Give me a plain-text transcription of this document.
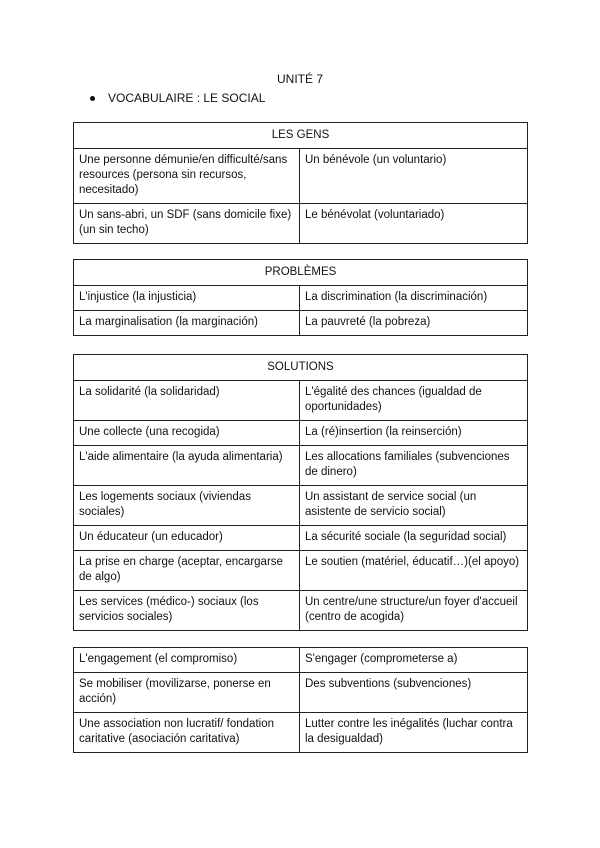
UNITÉ 7
VOCABULAIRE : LE SOCIAL
LES GENS	
Une personne démunie/en difficulté/sans resources (persona sin recursos, necesitado)	Un bénévole (un voluntario)
Un sans-abri, un SDF (sans domicile fixe) (un sin techo)	Le bénévolat (voluntariado)
PROBLÈMES	
L'injustice (la injusticia)	La discrimination (la discriminación)
La marginalisation (la marginación)	La pauvreté (la pobreza)
SOLUTIONS	
La solidarité (la solidaridad)	L'égalité des chances (igualdad de oportunidades)
Une collecte (una recogida)	La (ré)insertion (la reinserción)
L'aide alimentaire (la ayuda alimentaria)	Les allocations familiales (subvenciones de dinero)
Les logements sociaux (viviendas sociales)	Un assistant de service social (un asistente de servicio social)
Un éducateur (un educador)	La sécurité sociale (la seguridad social)
La prise en charge (aceptar, encargarse de algo)	Le soutien (matériel, éducatif…)(el apoyo)
Les services (médico-) sociaux (los servicios sociales)	Un centre/une structure/un foyer d'accueil (centro de acogida)
L'engagement (el compromiso)	S'engager (comprometerse a)
Se mobiliser (movilizarse, ponerse en acción)	Des subventions (subvenciones)
Une association non lucratif/ fondation caritative (asociación caritativa)	Lutter contre les inégalités (luchar contra la desigualdad)
